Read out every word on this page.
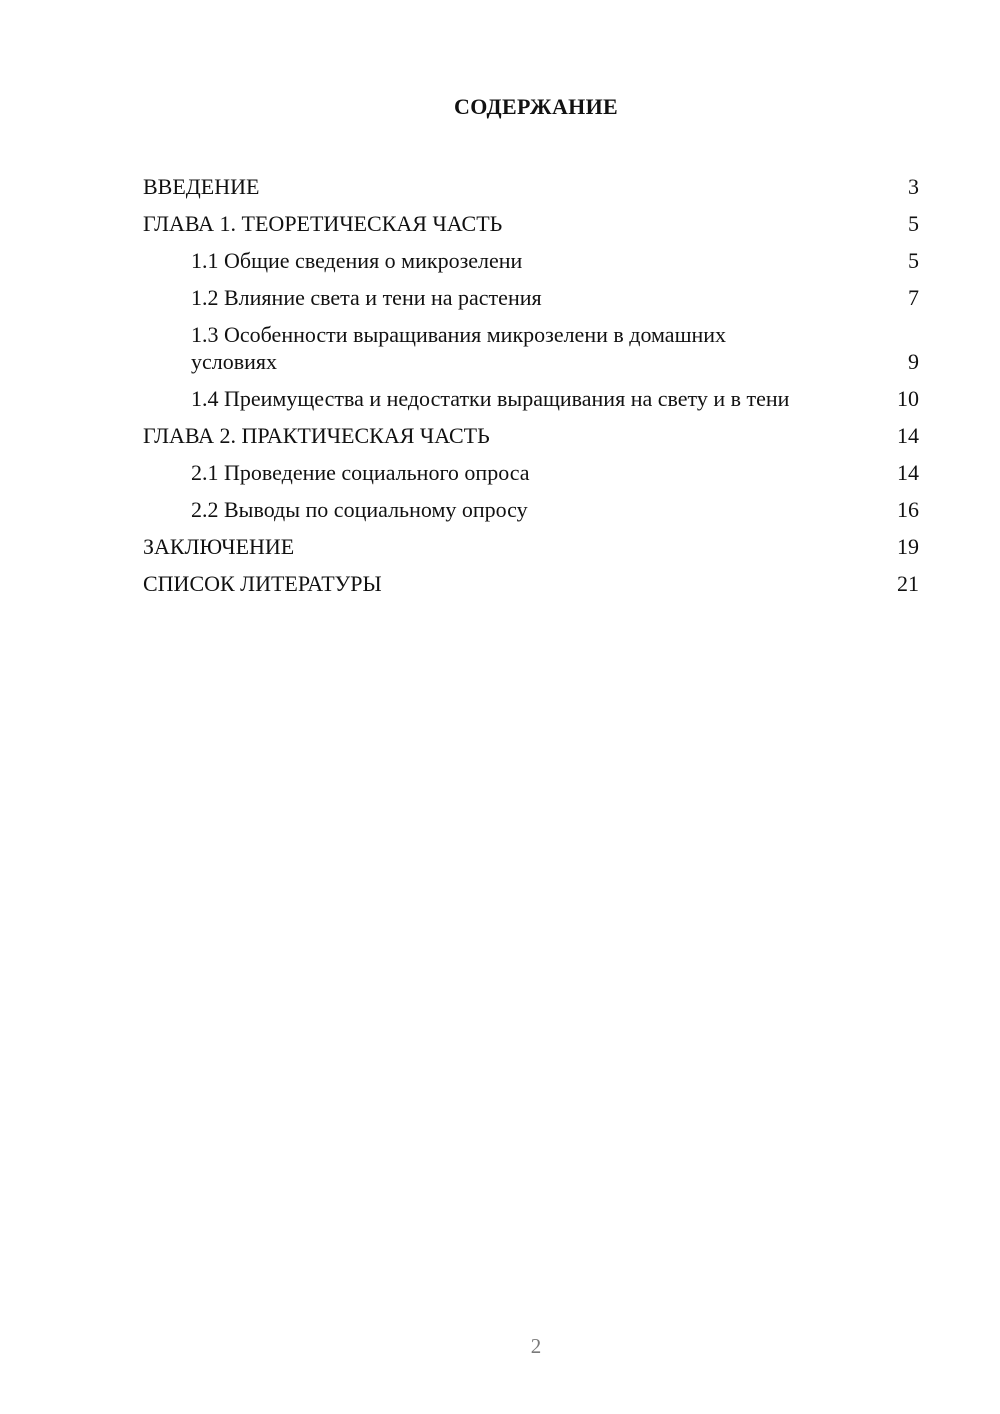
СОДЕРЖАНИЕ
ВВЕДЕНИЕ	3
ГЛАВА 1. ТЕОРЕТИЧЕСКАЯ ЧАСТЬ	5
1.1 Общие сведения о микрозелени	5
1.2 Влияние света и тени на растения	7
1.3 Особенности выращивания микрозелени в домашних условиях	9
1.4 Преимущества и недостатки выращивания на свету и в тени	10
ГЛАВА 2. ПРАКТИЧЕСКАЯ ЧАСТЬ	14
2.1 Проведение социального опроса	14
2.2 Выводы по социальному опросу	16
ЗАКЛЮЧЕНИЕ	19
СПИСОК ЛИТЕРАТУРЫ	21
2
